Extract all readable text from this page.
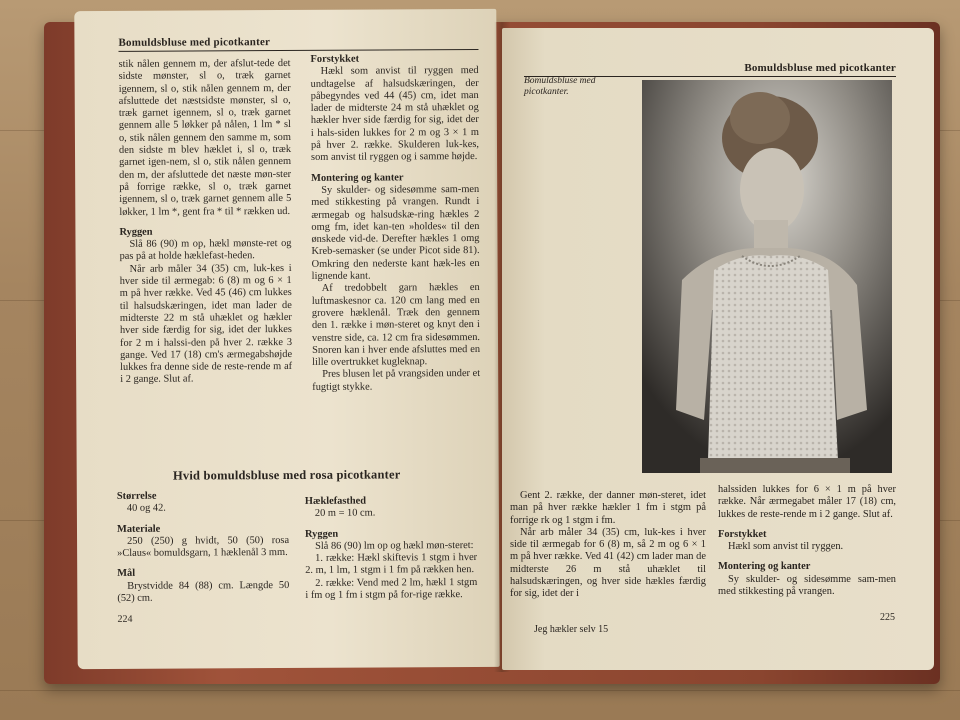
Bomuldsbluse med picotkanter

stik nålen gennem m, der afslut-tede det sidste mønster, sl o, træk garnet igennem, sl o, stik nålen gennem m, der afsluttede det næstsidste mønster, sl o, træk garnet igennem, sl o, træk garnet gennem alle 5 løkker på nålen, 1 lm * sl o, stik nålen gennem den samme m, som den sidste m blev hæklet i, sl o, træk garnet igen-nem, sl o, stik nålen gennem den m, der afsluttede det næste møn-ster på forrige række, sl o, træk garnet igennem, sl o, træk garnet gennem alle 5 løkker, 1 lm *, gent fra * til * rækken ud.

Ryggen

Slå 86 (90) m op, hækl mønste-ret og pas på at holde hæklefast-heden.

Når arb måler 34 (35) cm, luk-kes i hver side til ærmegab: 6 (8) m og 6 × 1 m på hver række. Ved 45 (46) cm lukkes til halsudskæringen, idet man lader de midterste 22 m stå uhæklet og hækler hver side færdig for sig, idet der lukkes for 2 m i halssi-den på hver 2. række 3 gange. Ved 17 (18) cm's ærmegabshøjde lukkes fra denne side de reste-rende m af i 2 gange. Slut af.

Forstykket

Hækl som anvist til ryggen med undtagelse af halsudskæringen, der påbegyndes ved 44 (45) cm, idet man lader de midterste 24 m stå uhæklet og hækler hver side færdig for sig, idet der i hals-siden lukkes for 2 m og 3 × 1 m på hver 2. række. Skulderen luk-kes, som anvist til ryggen og i samme højde.

Montering og kanter

Sy skulder- og sidesømme sam-men med stikkesting på vrangen. Rundt i ærmegab og halsudskæ-ring hækles 2 omg fm, idet kan-ten »holdes« til den ønskede vid-de. Derefter hækles 1 omg Kreb-semasker (se under Picot side 81). Omkring den nederste kant hæk-les en lignende kant.

Af tredobbelt garn hækles en luftmaskesnor ca. 120 cm lang med en grovere hæklenål. Træk den gennem den 1. række i møn-steret og knyt den i venstre side, ca. 12 cm fra sidesømmen. Snoren kan i hver ende afsluttes med en lille overtrukket kugleknap.

Pres blusen let på vrangsiden under et fugtigt stykke.

Hvid bomuldsbluse med rosa picotkanter
Størrelse

40 og 42.

Materiale

250 (250) g hvidt, 50 (50) rosa »Claus« bomuldsgarn, 1 hæklenål 3 mm.

Mål

Brystvidde 84 (88) cm. Længde 50 (52) cm.

Hæklefasthed

20 m = 10 cm.

Ryggen

Slå 86 (90) lm op og hækl møn-steret:

1. række: Hækl skiftevis 1 stgm i hver 2. m, 1 lm, 1 stgm i 1 fm på rækken hen.

2. række: Vend med 2 lm, hækl 1 stgm i fm og 1 fm i stgm på for-rige række.

224
Bomuldsbluse med picotkanter
Bomuldsbluse med picotkanter.

Gent 2. række, der danner møn-steret, idet man på hver række hækler 1 fm i stgm på forrige rk og 1 stgm i fm.

Når arb måler 34 (35) cm, luk-kes i hver side til ærmegab for 6 (8) m, så 2 m og 6 × 1 m på hver række. Ved 41 (42) cm lader man de midterste 26 m stå uhæklet til halsudskæringen, og hver side hækles færdig for sig, idet der i

halssiden lukkes for 6 × 1 m på hver række. Når ærmegabet måler 17 (18) cm, lukkes de reste-rende m i 2 gange. Slut af.

Forstykket

Hækl som anvist til ryggen.

Montering og kanter

Sy skulder- og sidesømme sam-men med stikkesting på vrangen.

Jeg hækler selv 15
225
